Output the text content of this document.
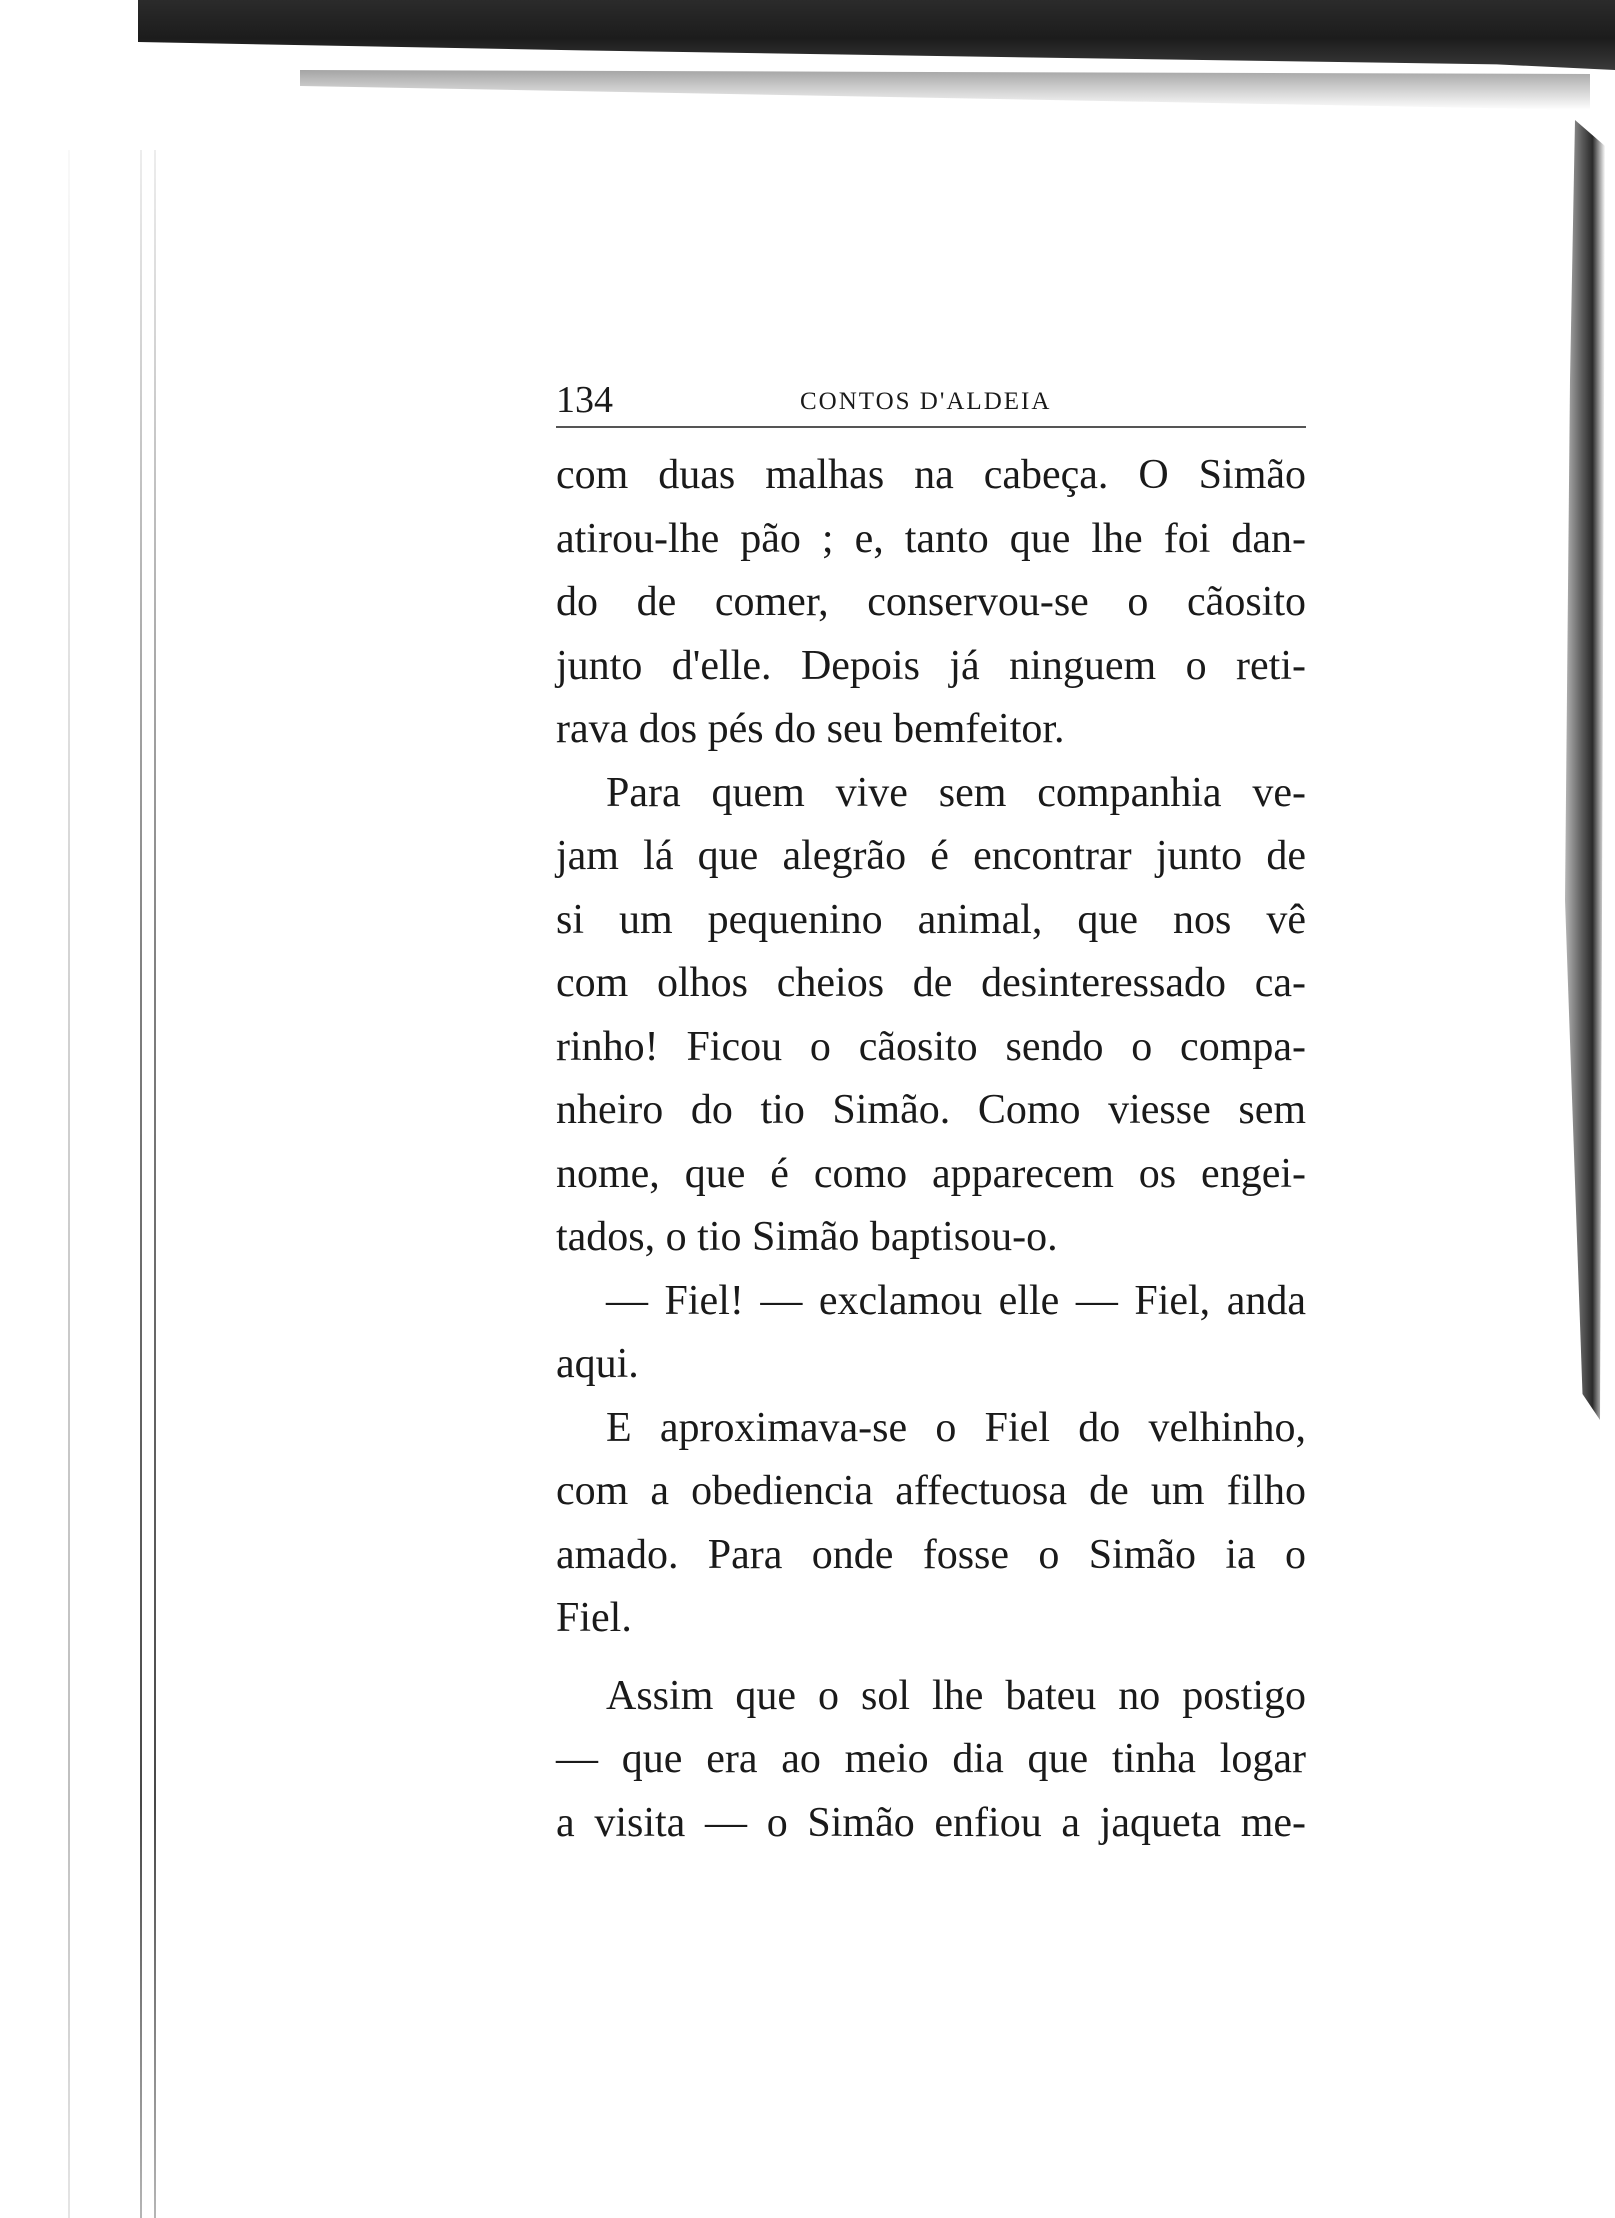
134	CONTOS D'ALDEIA
com duas malhas na cabeça. O Simão
atirou-lhe pão ; e, tanto que lhe foi dan-
do de comer, conservou-se o cãosito
junto d'elle. Depois já ninguem o reti-
rava dos pés do seu bemfeitor.
Para quem vive sem companhia ve-
jam lá que alegrão é encontrar junto de
si um pequenino animal, que nos vê
com olhos cheios de desinteressado ca-
rinho! Ficou o cãosito sendo o compa-
nheiro do tio Simão. Como viesse sem
nome, que é como apparecem os engei-
tados, o tio Simão baptisou-o.
— Fiel! — exclamou elle — Fiel, anda
aqui.
E aproximava-se o Fiel do velhinho,
com a obediencia affectuosa de um filho
amado. Para onde fosse o Simão ia o
Fiel.
Assim que o sol lhe bateu no postigo
— que era ao meio dia que tinha logar
a visita — o Simão enfiou a jaqueta me-
